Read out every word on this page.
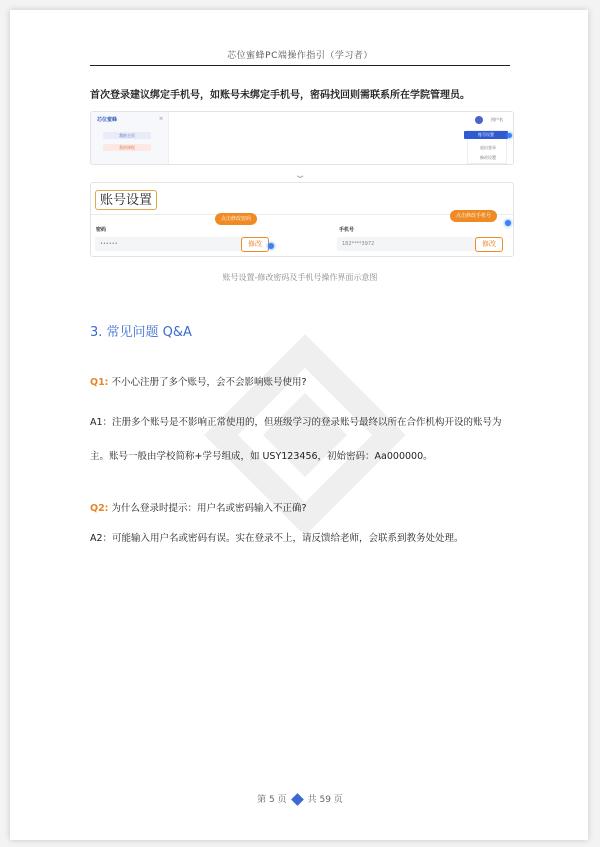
芯位蜜蜂PC端操作指引（学习者）
首次登录建议绑定手机号，如账号未绑定手机号，密码找回则需联系所在学院管理员。
芯位蜜蜂	≡
我的主页
我的课程
用户名
账号设置
退出登录
修改设置
⌄
账号设置
点击修改密码	点击修改手机号
密码	手机号
••••••	182****3972
修改	修改
账号设置-修改密码及手机号操作界面示意图
3. 常见问题 Q&A
Q1: 不小心注册了多个账号，会不会影响账号使用?
A1：注册多个账号是不影响正常使用的，但班级学习的登录账号最终以所在合作机构开设的账号为主。账号一般由学校简称+学号组成，如 USY123456，初始密码：Aa000000。
Q2: 为什么登录时提示：用户名或密码输入不正确?
A2：可能输入用户名或密码有误。实在登录不上，请反馈给老师，会联系到教务处处理。
第 5 页 共 59 页
